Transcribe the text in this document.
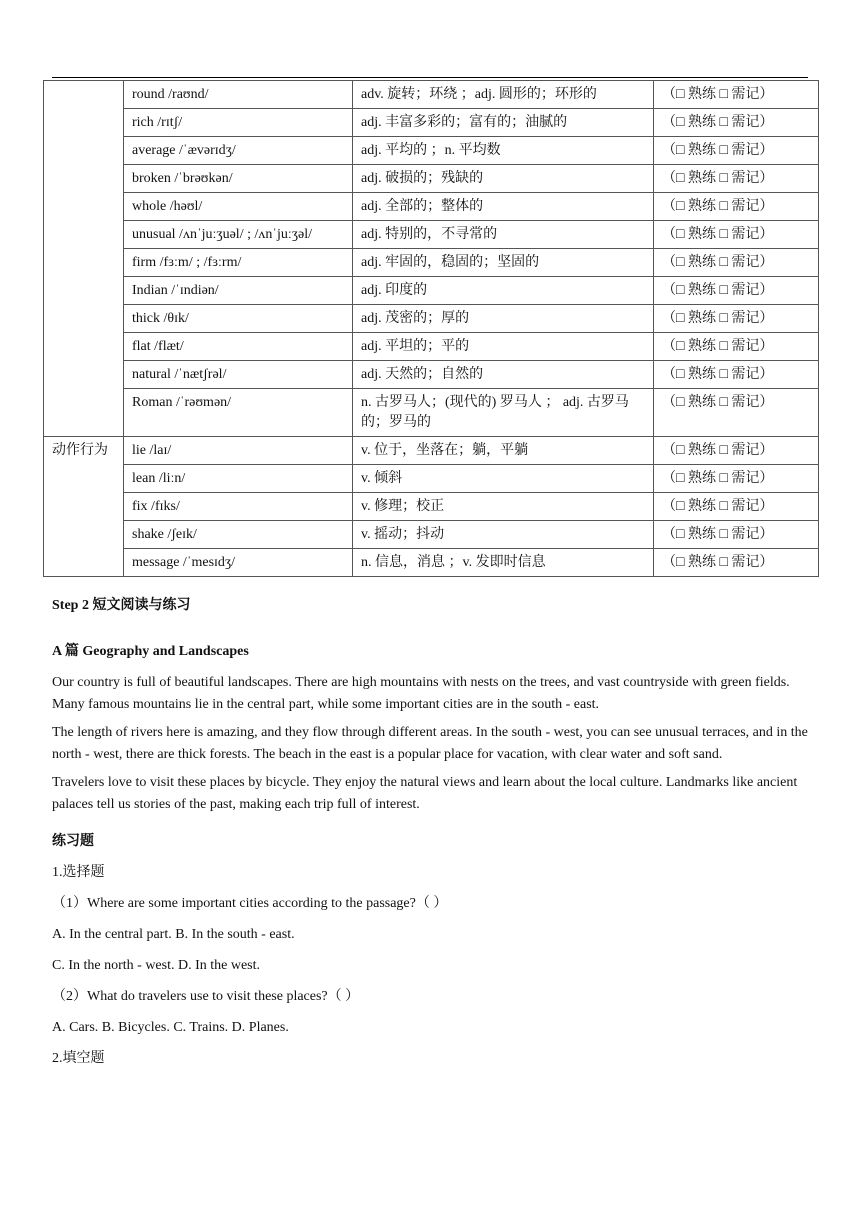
	round /raʊnd/	adv. 旋转；环绕 ；adj. 圆形的；环形的	（□ 熟练 □ 需记）
	rich /rɪtʃ/	adj. 丰富多彩的；富有的；油腻的	（□ 熟练 □ 需记）
	average /ˈævərɪdʒ/	adj. 平均的 ；n. 平均数	（□ 熟练 □ 需记）
	broken /ˈbrəʊkən/	adj. 破损的；残缺的	（□ 熟练 □ 需记）
	whole /həʊl/	adj. 全部的；整体的	（□ 熟练 □ 需记）
	unusual /ʌnˈjuːʒuəl/ ; /ʌnˈjuːʒəl/	adj. 特别的，不寻常的	（□ 熟练 □ 需记）
	firm /fɜːm/ ; /fɜːrm/	adj. 牢固的，稳固的；坚固的	（□ 熟练 □ 需记）
	Indian /ˈɪndiən/	adj. 印度的	（□ 熟练 □ 需记）
	thick /θɪk/	adj. 茂密的；厚的	（□ 熟练 □ 需记）
	flat /flæt/	adj. 平坦的；平的	（□ 熟练 □ 需记）
	natural /ˈnætʃrəl/	adj. 天然的；自然的	（□ 熟练 □ 需记）
	Roman /ˈrəʊmən/	n. 古罗马人；(现代的) 罗马人 ； adj. 古罗马的；罗马的	（□ 熟练 □ 需记）
动作行为	lie /laɪ/	v. 位于，坐落在；躺，平躺	（□ 熟练 □ 需记）
	lean /liːn/	v. 倾斜	（□ 熟练 □ 需记）
	fix /fɪks/	v. 修理；校正	（□ 熟练 □ 需记）
	shake /ʃeɪk/	v. 摇动；抖动	（□ 熟练 □ 需记）
	message /ˈmesɪdʒ/	n. 信息，消息 ；v. 发即时信息	（□ 熟练 □ 需记）

Step 2 短文阅读与练习

A 篇 Geography and Landscapes

Our country is full of beautiful landscapes. There are high mountains with nests on the trees, and vast countryside with green fields. Many famous mountains lie in the central part, while some important cities are in the south - east.

The length of rivers here is amazing, and they flow through different areas. In the south - west, you can see unusual terraces, and in the north - west, there are thick forests. The beach in the east is a popular place for vacation, with clear water and soft sand.

Travelers love to visit these places by bicycle. They enjoy the natural views and learn about the local culture. Landmarks like ancient palaces tell us stories of the past, making each trip full of interest.

练习题

1.选择题

（1）Where are some important cities according to the passage?（ ）

A. In the central part. B. In the south - east.

C. In the north - west. D. In the west.

（2）What do travelers use to visit these places?（ ）

A. Cars. B. Bicycles. C. Trains. D. Planes.

2.填空题
